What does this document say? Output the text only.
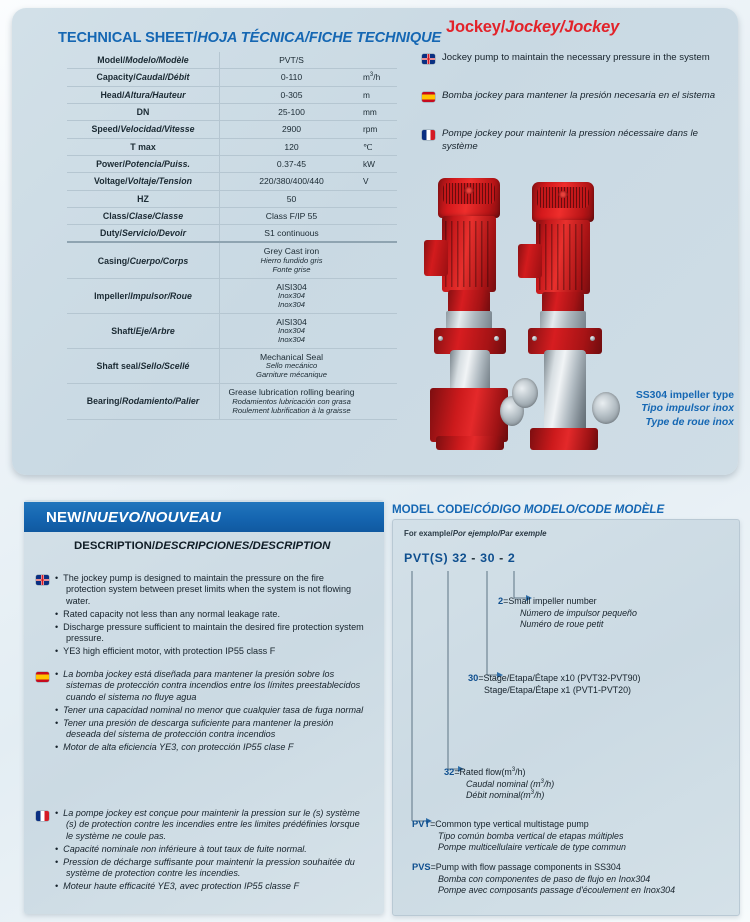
TECHNICAL SHEET/HOJA TÉCNICA/FICHE TECHNIQUE
Model/Modelo/Modèle	PVT/S	

Capacity/Caudal/Débit	0-110	$m^3/h$
Head/Altura/Hauteur	0-305	m
DN	25-100	mm
Speed/Velocidad/Vitesse	2900	rpm
T max	120	℃
Power/Potencia/Puiss.	0.37-45	kW
Voltage/Voltaje/Tension	220/380/400/440	V
HZ	50	

Class/Clase/Classe	Class F/IP 55	

Duty/Servicio/Devoir	S1 continuous	

Casing/Cuerpo/Corps	Grey Cast iron
Hierro fundido gris
Fonte grise	

Impeller/Impulsor/Roue	AISI304
Inox304
Inox304	

Shaft/Eje/Arbre	AISI304
Inox304
Inox304	

Shaft seal/Sello/Scellé	Mechanical Seal
Sello mecánico
Garniture mécanique	

Bearing/Rodamiento/Palier	Grease lubrication rolling bearing
Rodamientos lubricación con grasa
Roulement lubrification à la graisse	

Jockey/Jockey/Jockey
Jockey pump to maintain the necessary pressure in the system
Bomba jockey para mantener la presión necesaria en el sistema
Pompe jockey pour maintenir la pression nécessaire dans le système
SS304 impeller type
Tipo impulsor inox
Type de roue inox
NEW/ NUEVO/NOUVEAU
DESCRIPTION/DESCRIPCIONES/DESCRIPTION

• The jockey pump is designed to maintain the pressure on the fire protection system between preset limits when the system is not flowing water.

• Rated capacity not less than any normal leakage rate.

• Discharge pressure sufficient to maintain the desired fire protection system pressure.

• YE3 high efficient motor, with protection IP55 class F

• La bomba jockey está diseñada para mantener la presión sobre los sistemas de protección contra incendios entre los límites preestablecidos cuando el sistema no fluye agua

• Tener una capacidad nominal no menor que cualquier tasa de fuga normal

• Tener una presión de descarga suficiente para mantener la presión deseada del sistema de protección contra incendios

• Motor de alta eficiencia YE3, con protección IP55 clase F

• La pompe jockey est conçue pour maintenir la pression sur le (s) système (s) de protection contre les incendies entre les limites prédéfinies lorsque le système ne coule pas.

• Capacité nominale non inférieure à tout taux de fuite normal.

• Pression de décharge suffisante pour maintenir la pression souhaitée du système de protection contre les incendies.

• Moteur haute efficacité YE3, avec protection IP55 classe F

MODEL CODE/CÓDIGO MODELO/CODE MODÈLE
For example/Por ejemplo/Par exemple
PVT(S) 32 - 30 - 2
2=Small impeller number
Número de impulsor pequeño
Numéro de roue petit
30=Stage/Etapa/Étape x10 (PVT32-PVT90)
Stage/Etapa/Étape x1 (PVT1-PVT20)
32=Rated $flow(m^3/h)$
Caudal nominal $(m^3/h)$
Débit $nominal(m^3/h)$
PVT=Common type vertical multistage pump
Tipo común bomba vertical de etapas múltiples
Pompe multicellulaire verticale de type commun
PVS=Pump with flow passage components in SS304
Bomba con componentes de paso de flujo en Inox304
Pompe avec composants passage d'écoulement en Inox304
